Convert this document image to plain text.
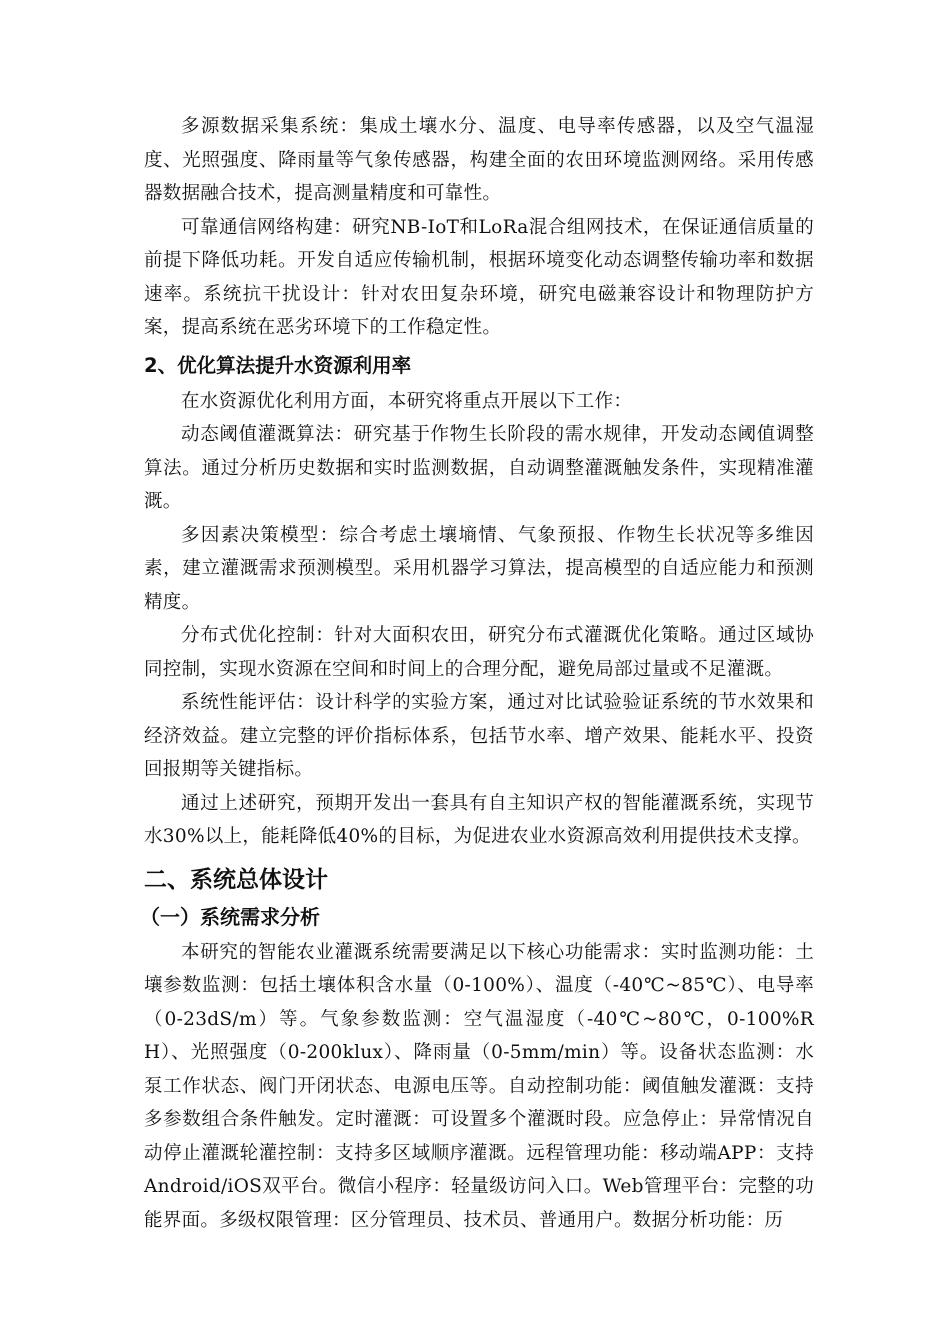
多源数据采集系统：集成土壤水分、温度、电导率传感器，以及空气温湿度、光照强度、降雨量等气象传感器，构建全面的农田环境监测网络。采用传感器数据融合技术，提高测量精度和可靠性。

可靠通信网络构建：研究NB-IoT和LoRa混合组网技术，在保证通信质量的前提下降低功耗。开发自适应传输机制，根据环境变化动态调整传输功率和数据速率。系统抗干扰设计：针对农田复杂环境，研究电磁兼容设计和物理防护方案，提高系统在恶劣环境下的工作稳定性。

2、优化算法提升水资源利用率

在水资源优化利用方面，本研究将重点开展以下工作：

动态阈值灌溉算法：研究基于作物生长阶段的需水规律，开发动态阈值调整算法。通过分析历史数据和实时监测数据，自动调整灌溉触发条件，实现精准灌溉。

多因素决策模型：综合考虑土壤墒情、气象预报、作物生长状况等多维因素，建立灌溉需求预测模型。采用机器学习算法，提高模型的自适应能力和预测精度。

分布式优化控制：针对大面积农田，研究分布式灌溉优化策略。通过区域协同控制，实现水资源在空间和时间上的合理分配，避免局部过量或不足灌溉。

系统性能评估：设计科学的实验方案，通过对比试验验证系统的节水效果和经济效益。建立完整的评价指标体系，包括节水率、增产效果、能耗水平、投资回报期等关键指标。

通过上述研究，预期开发出一套具有自主知识产权的智能灌溉系统，实现节水30%以上，能耗降低40%的目标，为促进农业水资源高效利用提供技术支撑。

二、系统总体设计
（一）系统需求分析

本研究的智能农业灌溉系统需要满足以下核心功能需求：实时监测功能：土壤参数监测：包括土壤体积含水量（0-100%）、温度（-40℃~85℃）、电导率（0-23dS/m）等。气象参数监测：空气温湿度（-40℃~80℃，0-100%RH）、光照强度（0-200klux）、降雨量（0-5mm/min）等。设备状态监测：水泵工作状态、阀门开闭状态、电源电压等。自动控制功能：阈值触发灌溉：支持多参数组合条件触发。定时灌溉：可设置多个灌溉时段。应急停止：异常情况自动停止灌溉轮灌控制：支持多区域顺序灌溉。远程管理功能：移动端APP：支持Android/iOS双平台。微信小程序：轻量级访问入口。Web管理平台：完整的功能界面。多级权限管理：区分管理员、技术员、普通用户。数据分析功能：历
